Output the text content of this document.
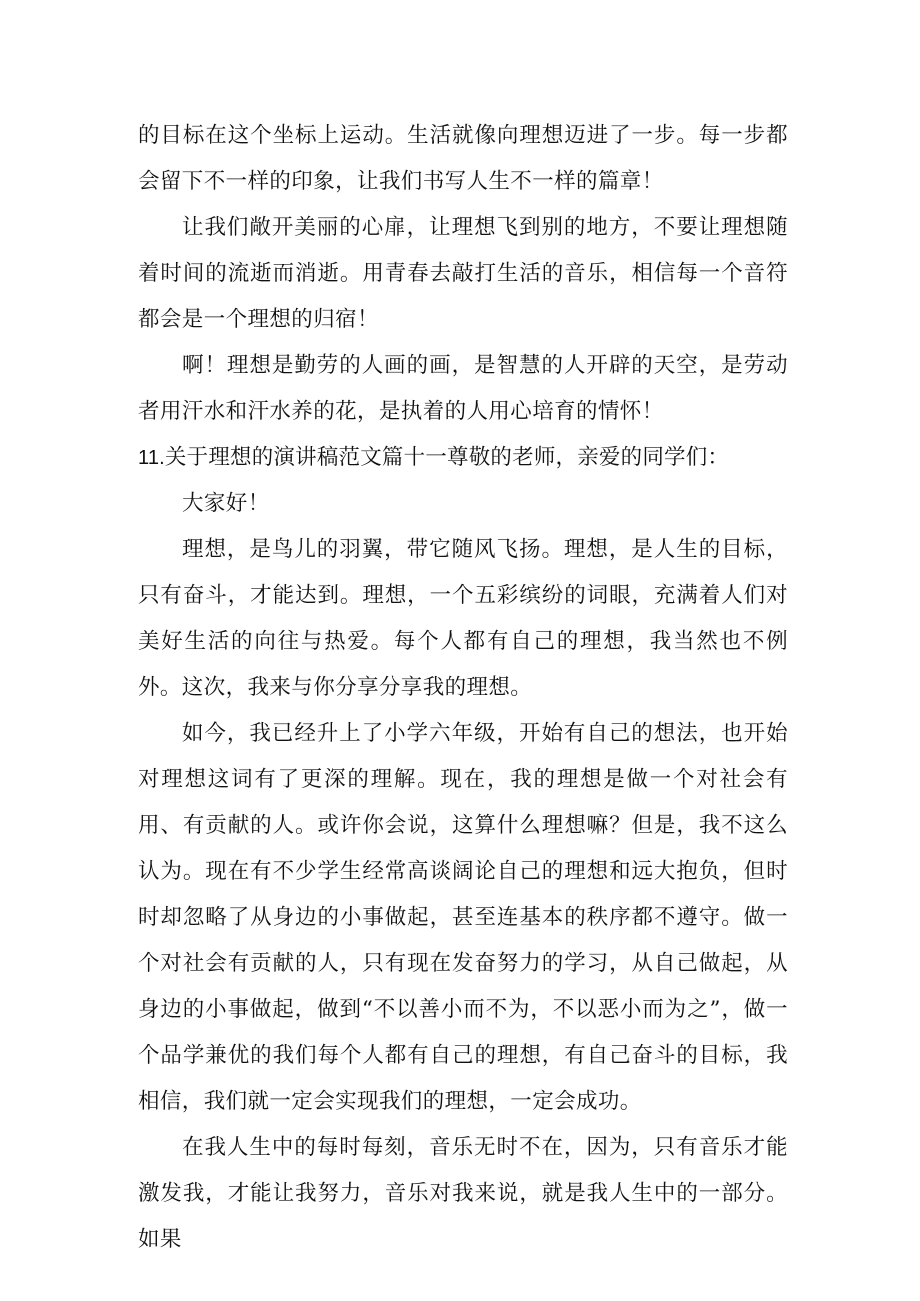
的目标在这个坐标上运动。生活就像向理想迈进了一步。每一步都会留下不一样的印象，让我们书写人生不一样的篇章！

让我们敞开美丽的心扉，让理想飞到别的地方，不要让理想随着时间的流逝而消逝。用青春去敲打生活的音乐，相信每一个音符都会是一个理想的归宿！

啊！理想是勤劳的人画的画，是智慧的人开辟的天空，是劳动者用汗水和汗水养的花，是执着的人用心培育的情怀！

11.关于理想的演讲稿范文篇十一尊敬的老师，亲爱的同学们：

大家好！

理想，是鸟儿的羽翼，带它随风飞扬。理想，是人生的目标，只有奋斗，才能达到。理想，一个五彩缤纷的词眼，充满着人们对美好生活的向往与热爱。每个人都有自己的理想，我当然也不例外。这次，我来与你分享分享我的理想。

如今，我已经升上了小学六年级，开始有自己的想法，也开始对理想这词有了更深的理解。现在，我的理想是做一个对社会有用、有贡献的人。或许你会说，这算什么理想嘛？但是，我不这么认为。现在有不少学生经常高谈阔论自己的理想和远大抱负，但时时却忽略了从身边的小事做起，甚至连基本的秩序都不遵守。做一个对社会有贡献的人，只有现在发奋努力的学习，从自己做起，从身边的小事做起，做到“不以善小而不为，不以恶小而为之”，做一个品学兼优的我们每个人都有自己的理想，有自己奋斗的目标，我相信，我们就一定会实现我们的理想，一定会成功。

在我人生中的每时每刻，音乐无时不在，因为，只有音乐才能激发我，才能让我努力，音乐对我来说，就是我人生中的一部分。如果
